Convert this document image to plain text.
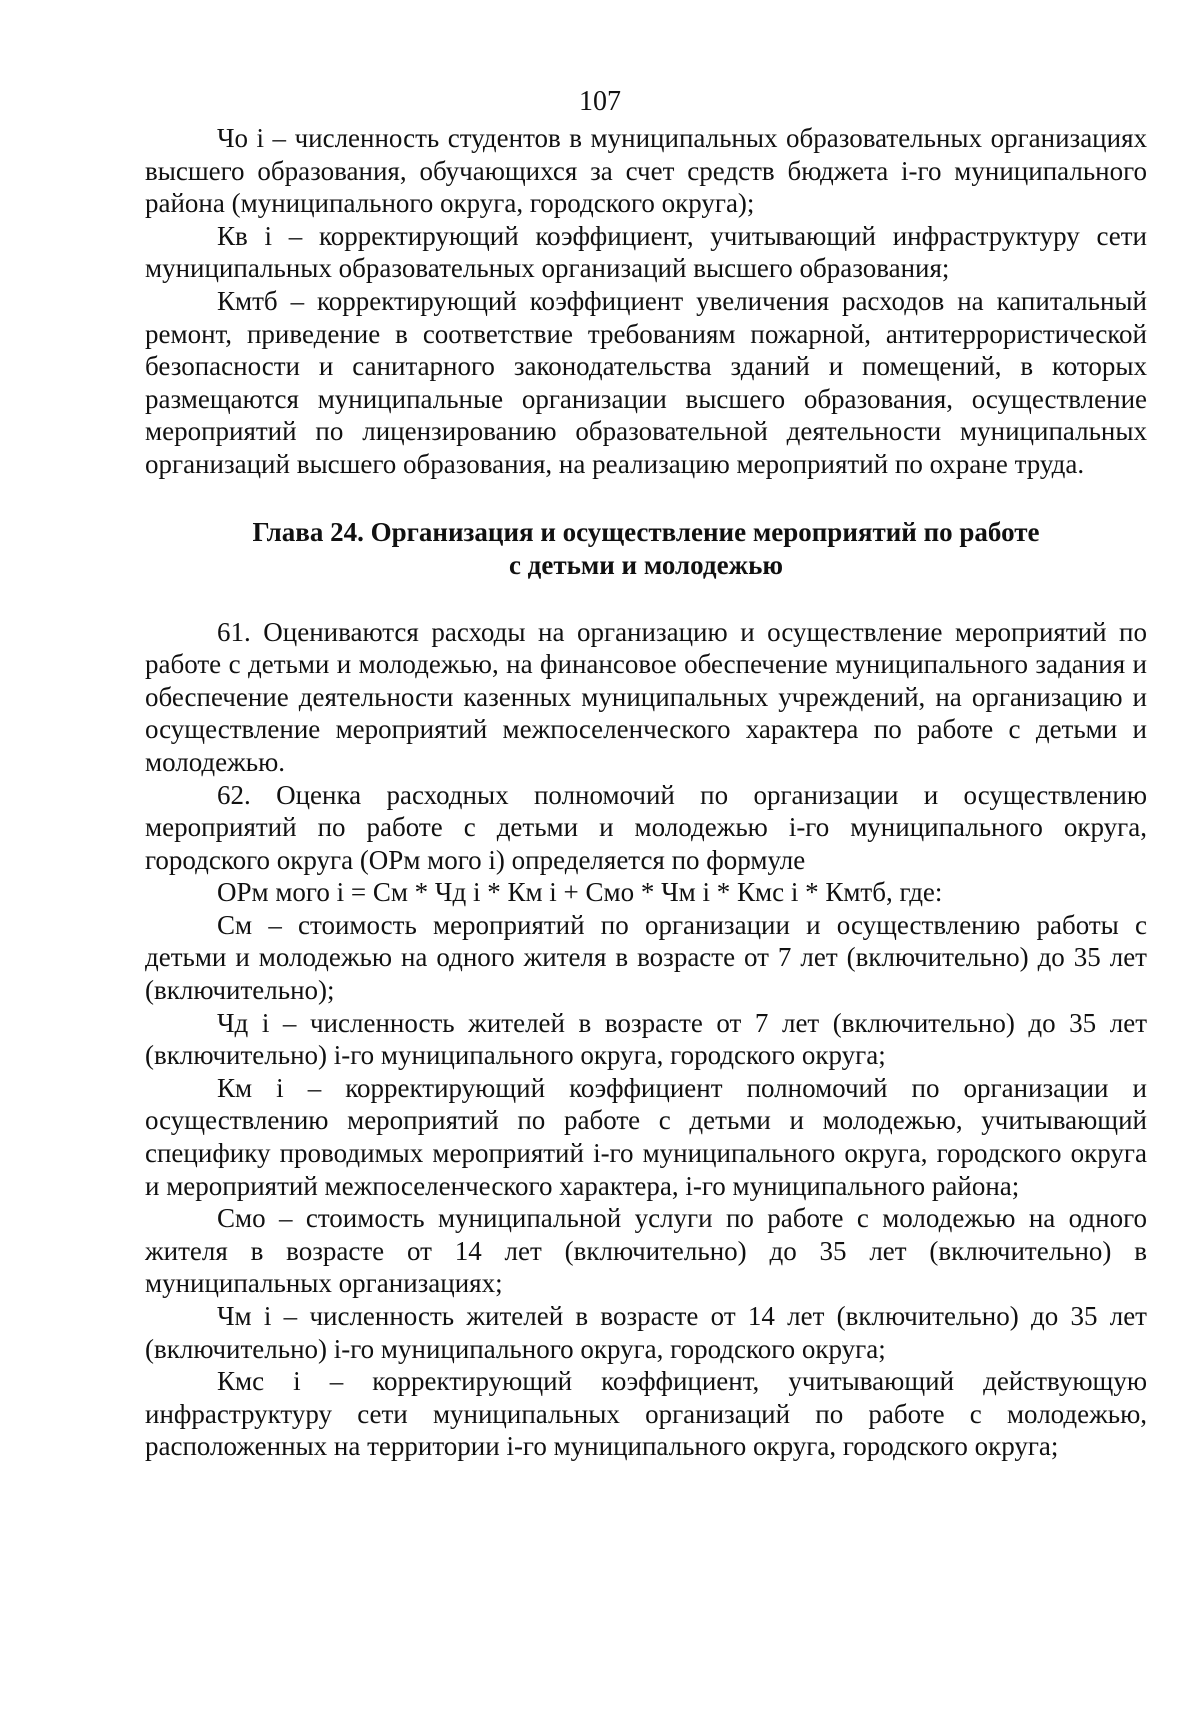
107

Чо i – численность студентов в муниципальных образовательных организациях высшего образования, обучающихся за счет средств бюджета i-го муниципального района (муниципального округа, городского округа);

Кв i – корректирующий коэффициент, учитывающий инфраструктуру сети муниципальных образовательных организаций высшего образования;

Кмтб – корректирующий коэффициент увеличения расходов на капитальный ремонт, приведение в соответствие требованиям пожарной, антитеррористической безопасности и санитарного законодательства зданий и помещений, в которых размещаются муниципальные организации высшего образования, осуществление мероприятий по лицензированию образовательной деятельности муниципальных организаций высшего образования, на реализацию мероприятий по охране труда.

Глава 24. Организация и осуществление мероприятий по работе
с детьми и молодежью

61. Оцениваются расходы на организацию и осуществление мероприятий по работе с детьми и молодежью, на финансовое обеспечение муниципального задания и обеспечение деятельности казенных муниципальных учреждений, на организацию и осуществление мероприятий межпоселенческого характера по работе с детьми и молодежью.

62. Оценка расходных полномочий по организации и осуществлению мероприятий по работе с детьми и молодежью i-го муниципального округа, городского округа (ОРм мого i) определяется по формуле

ОРм мого i = См * Чд i * Км i + Смо * Чм i * Кмс i * Кмтб, где:

См – стоимость мероприятий по организации и осуществлению работы с детьми и молодежью на одного жителя в возрасте от 7 лет (включительно) до 35 лет (включительно);

Чд i – численность жителей в возрасте от 7 лет (включительно) до 35 лет (включительно) i-го муниципального округа, городского округа;

Км i – корректирующий коэффициент полномочий по организации и осуществлению мероприятий по работе с детьми и молодежью, учитывающий специфику проводимых мероприятий i-го муниципального округа, городского округа и мероприятий межпоселенческого характера, i-го муниципального района;

Смо – стоимость муниципальной услуги по работе с молодежью на одного жителя в возрасте от 14 лет (включительно) до 35 лет (включительно) в муниципальных организациях;

Чм i – численность жителей в возрасте от 14 лет (включительно) до 35 лет (включительно) i-го муниципального округа, городского округа;

Кмс i – корректирующий коэффициент, учитывающий действующую инфраструктуру сети муниципальных организаций по работе с молодежью, расположенных на территории i-го муниципального округа, городского округа;
